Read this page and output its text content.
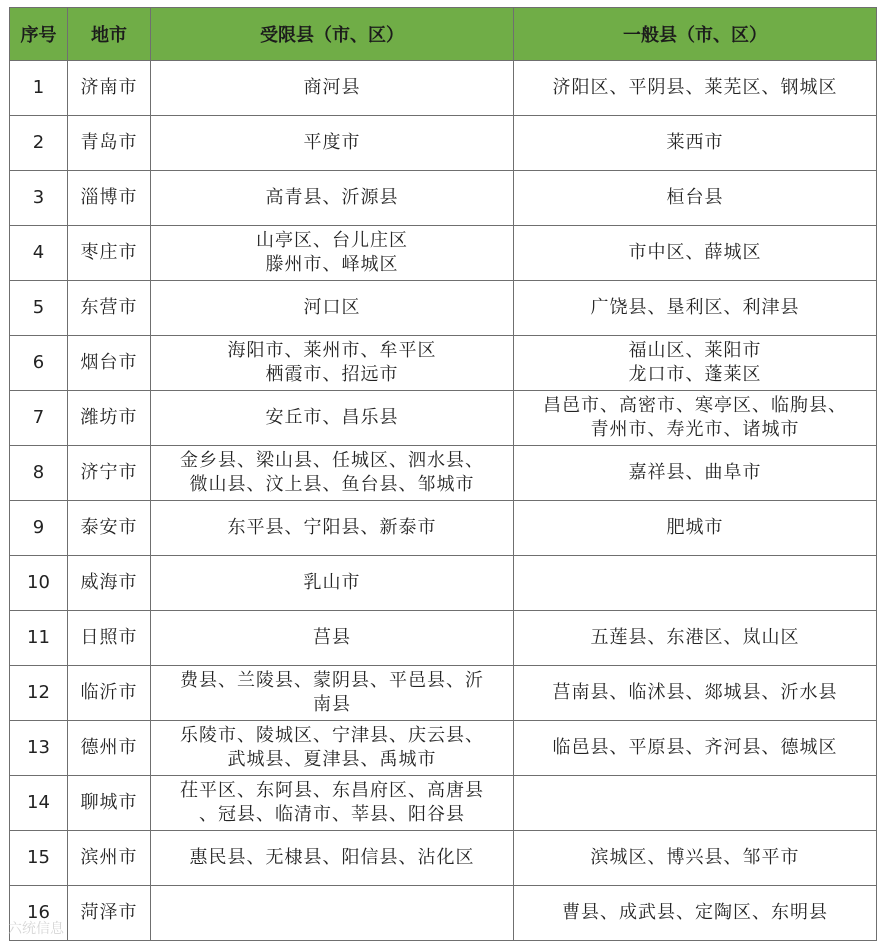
序号	地市	受限县（市、区）	一般县（市、区）
1	济南市	商河县	济阳区、平阴县、莱芜区、钢城区

2	青岛市	平度市	莱西市

3	淄博市	高青县、沂源县	桓台县

4	枣庄市	山亭区、台儿庄区
滕州市、峄城区	市中区、薛城区

5	东营市	河口区	广饶县、垦利区、利津县

6	烟台市	海阳市、莱州市、牟平区
栖霞市、招远市	福山区、莱阳市
龙口市、蓬莱区

7	潍坊市	安丘市、昌乐县	昌邑市、高密市、寒亭区、临朐县、
青州市、寿光市、诸城市

8	济宁市	金乡县、梁山县、任城区、泗水县、
微山县、汶上县、鱼台县、邹城市	嘉祥县、曲阜市

9	泰安市	东平县、宁阳县、新泰市	肥城市

10	威海市	乳山市	

11	日照市	莒县	五莲县、东港区、岚山区

12	临沂市	费县、兰陵县、蒙阴县、平邑县、沂
南县	莒南县、临沭县、郯城县、沂水县

13	德州市	乐陵市、陵城区、宁津县、庆云县、
武城县、夏津县、禹城市	临邑县、平原县、齐河县、德城区

14	聊城市	茌平区、东阿县、东昌府区、高唐县
、冠县、临清市、莘县、阳谷县	

15	滨州市	惠民县、无棣县、阳信县、沾化区	滨城区、博兴县、邹平市

16	菏泽市		曹县、成武县、定陶区、东明县
六统信息
